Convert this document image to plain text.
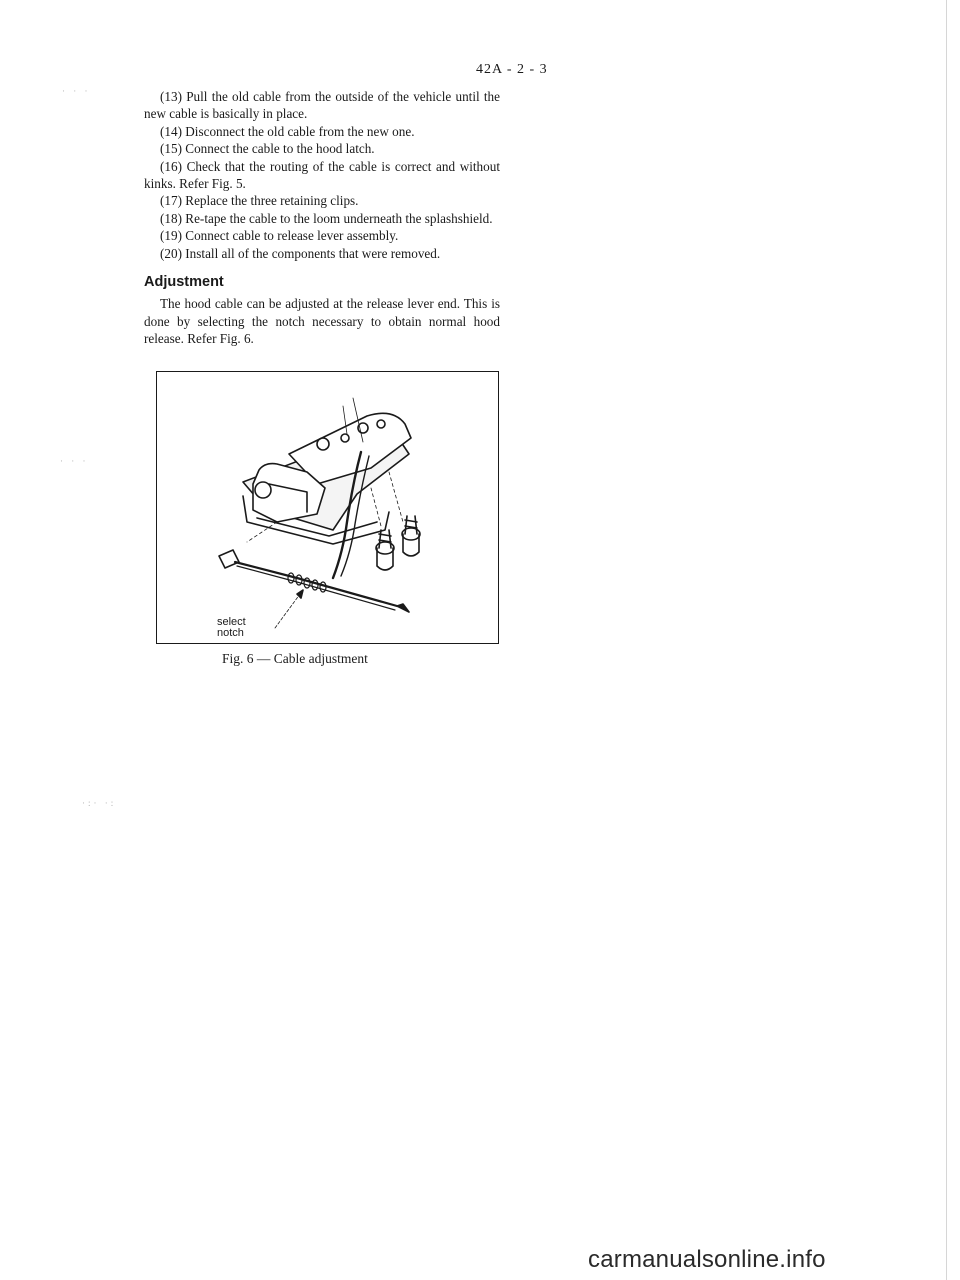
42A - 2 - 3

(13) Pull the old cable from the outside of the vehicle until the new cable is basically in place.

(14) Disconnect the old cable from the new one.

(15) Connect the cable to the hood latch.

(16) Check that the routing of the cable is correct and without kinks. Refer Fig. 5.

(17) Replace the three retaining clips.

(18) Re-tape the cable to the loom underneath the splashshield.

(19) Connect cable to release lever assembly.

(20) Install all of the components that were removed.

Adjustment

The hood cable can be adjusted at the release lever end. This is done by selecting the notch necessary to obtain normal hood release. Refer Fig. 6.

select
notch
Fig. 6 — Cable adjustment
· · ·
· · ·
·:· ·:
carmanualsonline.info
